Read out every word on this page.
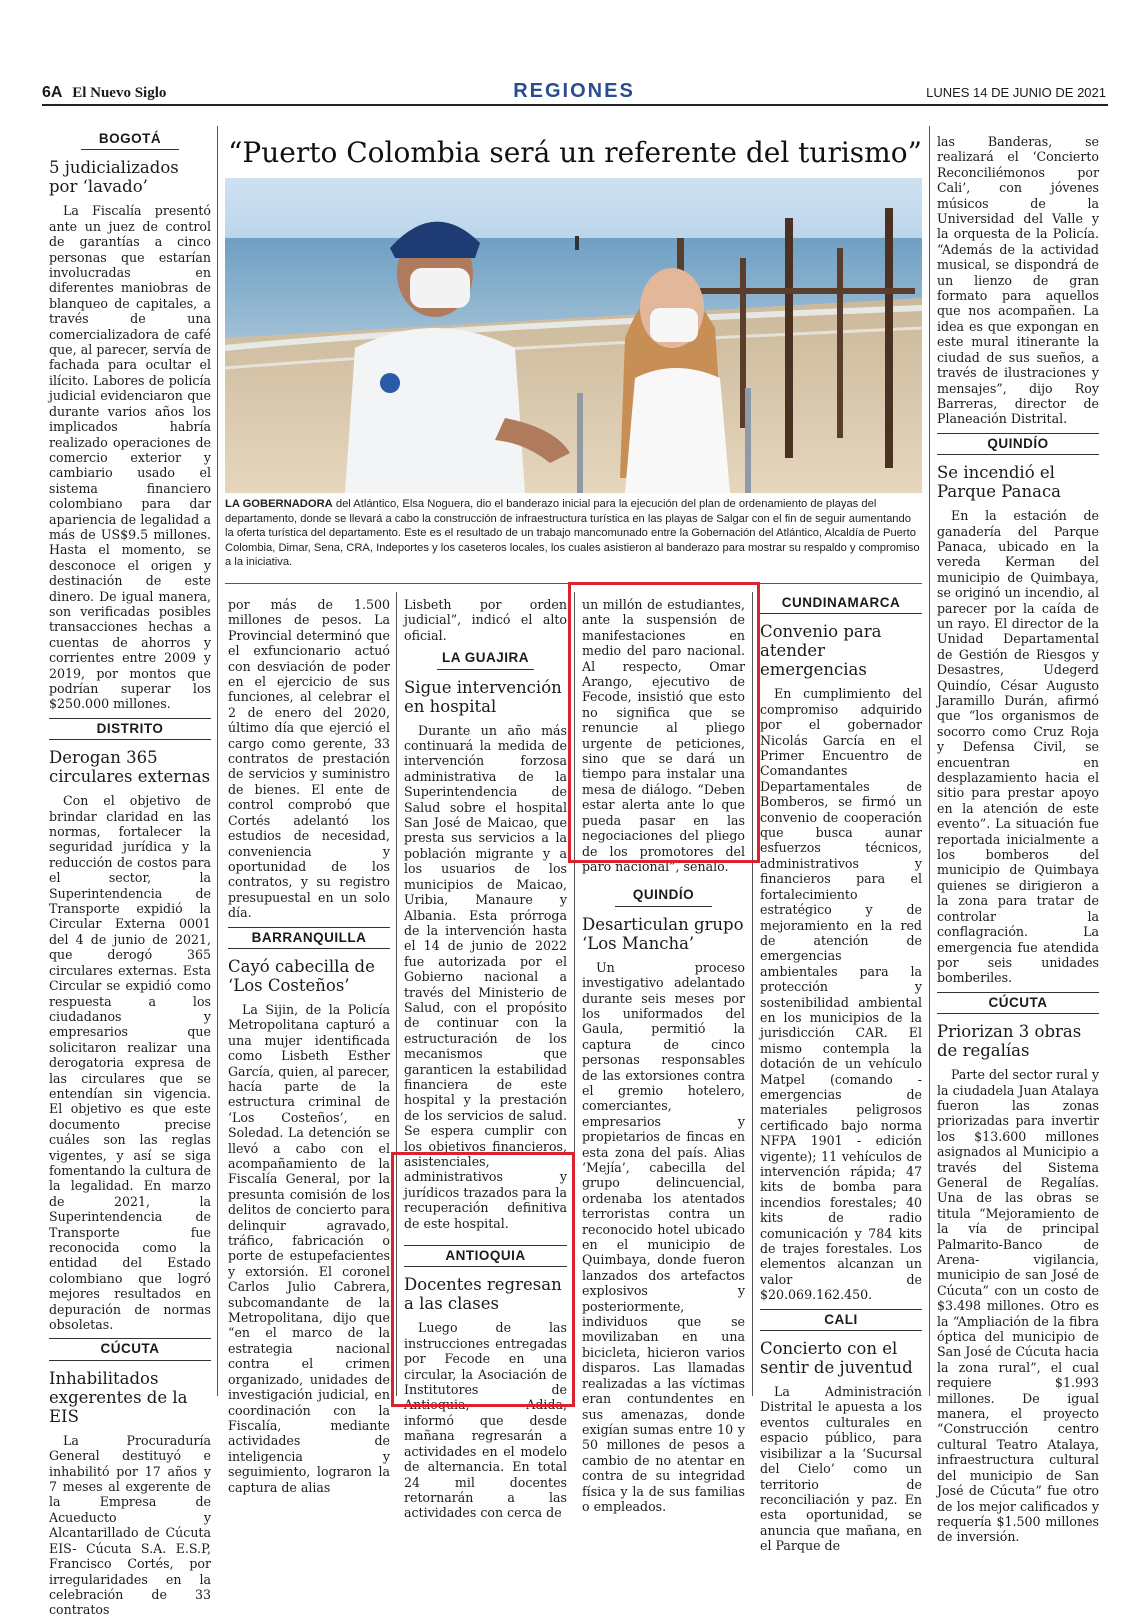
6A El Nuevo Siglo	REGIONES	LUNES 14 DE JUNIO DE 2021
BOGOTÁ
5 judicializados por ‘lavado’

La Fiscalía presentó ante un juez de control de garantías a cinco personas que estarían involucradas en diferentes maniobras de blanqueo de capitales, a través de una comercializadora de café que, al parecer, servía de fachada para ocultar el ilícito. Labores de policía judicial evidenciaron que durante varios años los implicados habría realizado operaciones de comercio exterior y cambiario usado el sistema financiero colombiano para dar apariencia de legalidad a más de US$9.5 millones. Hasta el momento, se desconoce el origen y destinación de este dinero. De igual manera, son verificadas posibles transacciones hechas a cuentas de ahorros y corrientes entre 2009 y 2019, por montos que podrían superar los $250.000 millones.

DISTRITO
Derogan 365 circulares externas

Con el objetivo de brindar claridad en las normas, fortalecer la seguridad jurídica y la reducción de costos para el sector, la Superintendencia de Transporte expidió la Circular Externa 0001 del 4 de junio de 2021, que derogó 365 circulares externas. Esta Circular se expidió como respuesta a los ciudadanos y empresarios que solicitaron realizar una derogatoria expresa de las circulares que se entendían sin vigencia. El objetivo es que este documento precise cuáles son las reglas vigentes, y así se siga fomentando la cultura de la legalidad. En marzo de 2021, la Superintendencia de Transporte fue reconocida como la entidad del Estado colombiano que logró mejores resultados en depuración de normas obsoletas.

CÚCUTA
Inhabilitados exgerentes de la EIS

La Procuraduría General destituyó e inhabilitó por 17 años y 7 meses al exgerente de la Empresa de Acueducto y Alcantarillado de Cúcuta EIS- Cúcuta S.A. E.S.P, Francisco Cortés, por irregularidades en la celebración de 33 contratos

“Puerto Colombia será un referente del turismo”
LA GOBERNADORA del Atlántico, Elsa Noguera, dio el banderazo inicial para la ejecución del plan de ordenamiento de playas del departamento, donde se llevará a cabo la construcción de infraestructura turística en las playas de Salgar con el fin de seguir aumentando la oferta turística del departamento. Este es el resultado de un trabajo mancomunado entre la Gobernación del Atlántico, Alcaldía de Puerto Colombia, Dimar, Sena, CRA, Indeportes y los caseteros locales, los cuales asistieron al banderazo para mostrar su respaldo y compromiso a la iniciativa.

por más de 1.500 millones de pesos. La Provincial determinó que el exfuncionario actuó con desviación de poder en el ejercicio de sus funciones, al celebrar el 2 de enero del 2020, último día que ejerció el cargo como gerente, 33 contratos de prestación de servicios y suministro de bienes. El ente de control comprobó que Cortés adelantó los estudios de necesidad, conveniencia y oportunidad de los contratos, y su registro presupuestal en un solo día.

BARRANQUILLA
Cayó cabecilla de ‘Los Costeños’

La Sijin, de la Policía Metropolitana capturó a una mujer identificada como Lisbeth Esther García, quien, al parecer, hacía parte de la estructura criminal de ‘Los Costeños’, en Soledad. La detención se llevó a cabo con el acompañamiento de la Fiscalía General, por la presunta comisión de los delitos de concierto para delinquir agravado, tráfico, fabricación o porte de estupefacientes y extorsión. El coronel Carlos Julio Cabrera, subcomandante de la Metropolitana, dijo que “en el marco de la estrategia nacional contra el crimen organizado, unidades de investigación judicial, en coordinación con la Fiscalía, mediante actividades de inteligencia y seguimiento, lograron la captura de alias

Lisbeth por orden judicial”, indicó el alto oficial.

LA GUAJIRA
Sigue intervención en hospital

Durante un año más continuará la medida de intervención forzosa administrativa de la Superintendencia de Salud sobre el hospital San José de Maicao, que presta sus servicios a la población migrante y a los usuarios de los municipios de Maicao, Uribia, Manaure y Albania. Esta prórroga de la intervención hasta el 14 de junio de 2022 fue autorizada por el Gobierno nacional a través del Ministerio de Salud, con el propósito de continuar con la estructuración de los mecanismos que garanticen la estabilidad financiera de este hospital y la prestación de los servicios de salud. Se espera cumplir con los objetivos financieros, asistenciales, administrativos y jurídicos trazados para la recuperación definitiva de este hospital.

ANTIOQUIA
Docentes regresan a las clases

Luego de las instrucciones entregadas por Fecode en una circular, la Asociación de Institutores de Antioquia, Adida, informó que desde mañana regresarán a actividades en el modelo de alternancia. En total 24 mil docentes retornarán a las actividades con cerca de

un millón de estudiantes, ante la suspensión de manifestaciones en medio del paro nacional. Al respecto, Omar Arango, ejecutivo de Fecode, insistió que esto no significa que se renuncie al pliego urgente de peticiones, sino que se dará un tiempo para instalar una mesa de diálogo. “Deben estar alerta ante lo que pueda pasar en las negociaciones del pliego de los promotores del paro nacional”, señaló.

QUINDÍO
Desarticulan grupo ‘Los Mancha’

Un proceso investigativo adelantado durante seis meses por los uniformados del Gaula, permitió la captura de cinco personas responsables de las extorsiones contra el gremio hotelero, comerciantes, empresarios y propietarios de fincas en esta zona del país. Alias ‘Mejía’, cabecilla del grupo delincuencial, ordenaba los atentados terroristas contra un reconocido hotel ubicado en el municipio de Quimbaya, donde fueron lanzados dos artefactos explosivos y posteriormente, individuos que se movilizaban en una bicicleta, hicieron varios disparos. Las llamadas realizadas a las víctimas eran contundentes en sus amenazas, donde exigían sumas entre 10 y 50 millones de pesos a cambio de no atentar en contra de su integridad física y la de sus familias o empleados.

CUNDINAMARCA
Convenio para atender emergencias

En cumplimiento del compromiso adquirido por el gobernador Nicolás García en el Primer Encuentro de Comandantes Departamentales de Bomberos, se firmó un convenio de cooperación que busca aunar esfuerzos técnicos, administrativos y financieros para el fortalecimiento estratégico y de mejoramiento en la red de atención de emergencias ambientales para la protección y sostenibilidad ambiental en los municipios de la jurisdicción CAR. El mismo contempla la dotación de un vehículo Matpel (comando - emergencias de materiales peligrosos certificado bajo norma NFPA 1901 - edición vigente); 11 vehículos de intervención rápida; 47 kits de bomba para incendios forestales; 40 kits de radio comunicación y 784 kits de trajes forestales. Los elementos alcanzan un valor de $20.069.162.450.

CALI
Concierto con el sentir de juventud

La Administración Distrital le apuesta a los eventos culturales en espacio público, para visibilizar a la ‘Sucursal del Cielo’ como un territorio de reconciliación y paz. En esta oportunidad, se anuncia que mañana, en el Parque de

las Banderas, se realizará el ‘Concierto Reconciliémonos por Cali’, con jóvenes músicos de la Universidad del Valle y la orquesta de la Policía. “Además de la actividad musical, se dispondrá de un lienzo de gran formato para aquellos que nos acompañen. La idea es que expongan en este mural itinerante la ciudad de sus sueños, a través de ilustraciones y mensajes”, dijo Roy Barreras, director de Planeación Distrital.

QUINDÍO
Se incendió el Parque Panaca

En la estación de ganadería del Parque Panaca, ubicado en la vereda Kerman del municipio de Quimbaya, se originó un incendio, al parecer por la caída de un rayo. El director de la Unidad Departamental de Gestión de Riesgos y Desastres, Udegerd Quindío, César Augusto Jaramillo Durán, afirmó que “los organismos de socorro como Cruz Roja y Defensa Civil, se encuentran en desplazamiento hacia el sitio para prestar apoyo en la atención de este evento”. La situación fue reportada inicialmente a los bomberos del municipio de Quimbaya quienes se dirigieron a la zona para tratar de controlar la conflagración. La emergencia fue atendida por seis unidades bomberiles.

CÚCUTA
Priorizan 3 obras de regalías

Parte del sector rural y la ciudadela Juan Atalaya fueron las zonas priorizadas para invertir los $13.600 millones asignados al Municipio a través del Sistema General de Regalías. Una de las obras se titula “Mejoramiento de la vía de principal Palmarito-Banco de Arena- vigilancia, municipio de san José de Cúcuta” con un costo de $3.498 millones. Otro es la “Ampliación de la fibra óptica del municipio de San José de Cúcuta hacia la zona rural”, el cual requiere $1.993 millones. De igual manera, el proyecto “Construcción centro cultural Teatro Atalaya, infraestructura cultural del municipio de San José de Cúcuta” fue otro de los mejor calificados y requería $1.500 millones de inversión.
